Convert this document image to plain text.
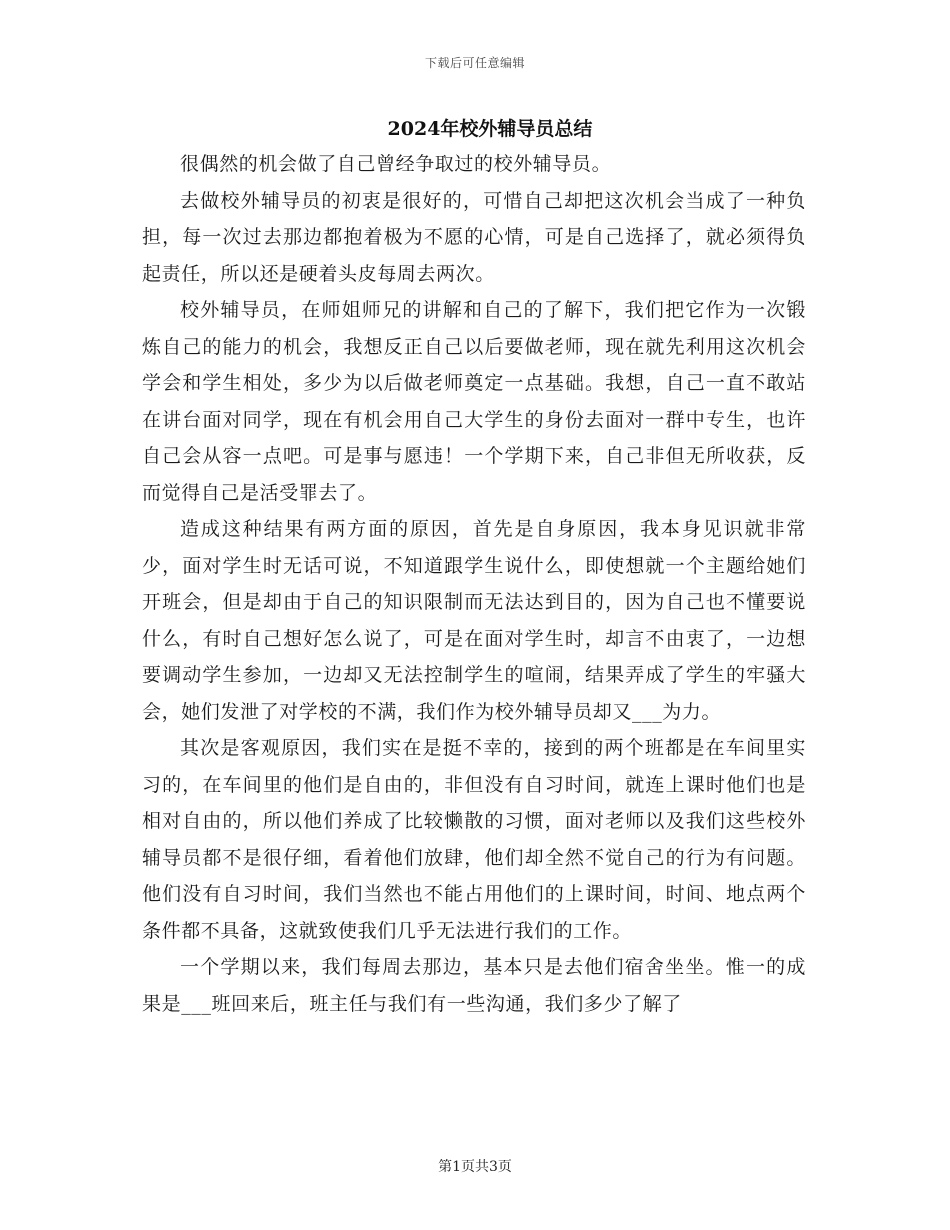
下载后可任意编辑
2024年校外辅导员总结

很偶然的机会做了自己曾经争取过的校外辅导员。

去做校外辅导员的初衷是很好的，可惜自己却把这次机会当成了一种负担，每一次过去那边都抱着极为不愿的心情，可是自己选择了，就必须得负起责任，所以还是硬着头皮每周去两次。

校外辅导员，在师姐师兄的讲解和自己的了解下，我们把它作为一次锻炼自己的能力的机会，我想反正自己以后要做老师，现在就先利用这次机会学会和学生相处，多少为以后做老师奠定一点基础。我想，自己一直不敢站在讲台面对同学，现在有机会用自己大学生的身份去面对一群中专生，也许自己会从容一点吧。可是事与愿违！一个学期下来，自己非但无所收获，反而觉得自己是活受罪去了。

造成这种结果有两方面的原因，首先是自身原因，我本身见识就非常少，面对学生时无话可说，不知道跟学生说什么，即使想就一个主题给她们开班会，但是却由于自己的知识限制而无法达到目的，因为自己也不懂要说什么，有时自己想好怎么说了，可是在面对学生时，却言不由衷了，一边想要调动学生参加，一边却又无法控制学生的喧闹，结果弄成了学生的牢骚大会，她们发泄了对学校的不满，我们作为校外辅导员却又___为力。

其次是客观原因，我们实在是挺不幸的，接到的两个班都是在车间里实习的，在车间里的他们是自由的，非但没有自习时间，就连上课时他们也是相对自由的，所以他们养成了比较懒散的习惯，面对老师以及我们这些校外辅导员都不是很仔细，看着他们放肆，他们却全然不觉自己的行为有问题。他们没有自习时间，我们当然也不能占用他们的上课时间，时间、地点两个条件都不具备，这就致使我们几乎无法进行我们的工作。

一个学期以来，我们每周去那边，基本只是去他们宿舍坐坐。惟一的成果是___班回来后，班主任与我们有一些沟通，我们多少了解了

第1页共3页
